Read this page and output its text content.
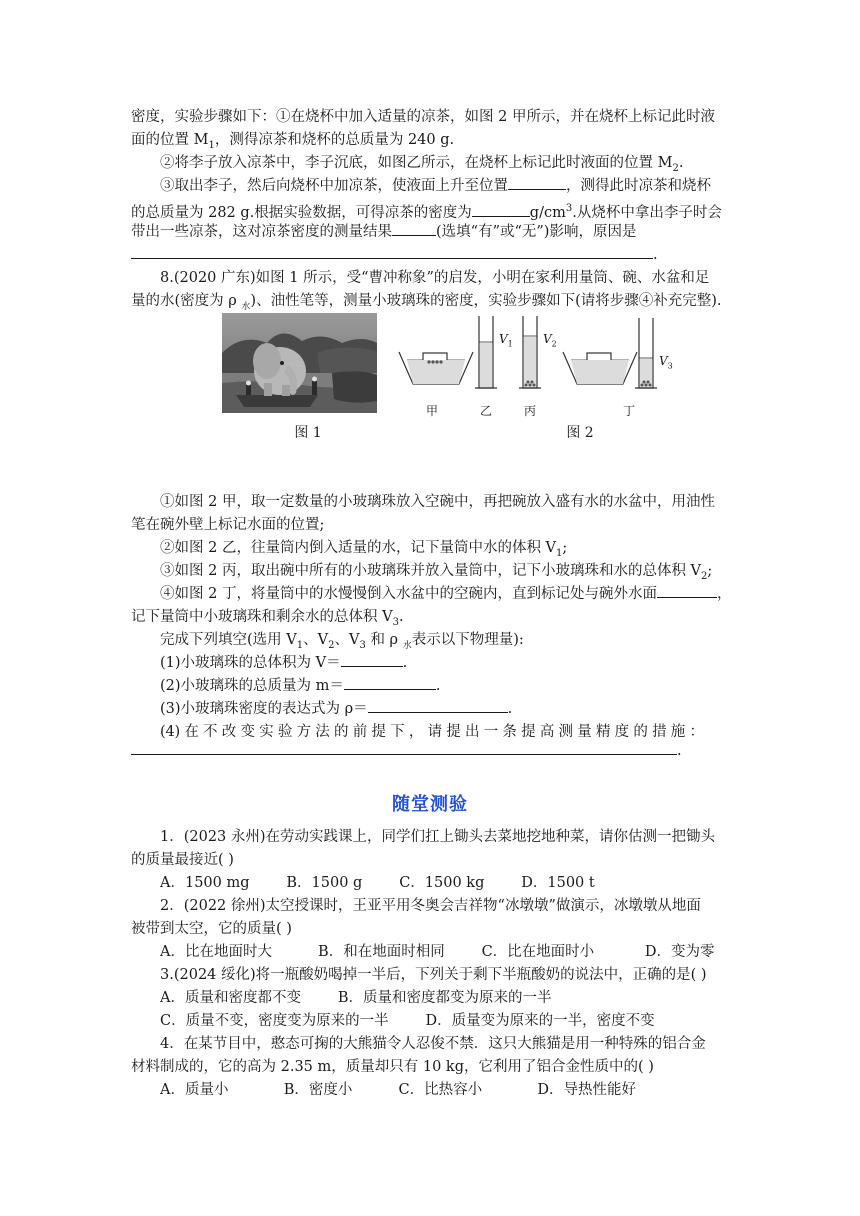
密度，实验步骤如下：①在烧杯中加入适量的凉茶，如图 2 甲所示，并在烧杯上标记此时液
面的位置 $M_1$，测得凉茶和烧杯的总质量为 240 g.
②将李子放入凉茶中，李子沉底，如图乙所示，在烧杯上标记此时液面的位置 $M_2$.
③取出李子，然后向烧杯中加凉茶，使液面上升至位置	，测得此时凉茶和烧杯
的总质量为 282 g.根据实验数据，可得凉茶的密度为	$g/cm^3$.从烧杯中拿出李子时会
带出一些凉茶，这对凉茶密度的测量结果	(选填“有”或“无”)影响，原因是
.
8.(2020 广东)如图 1 所示，受“曹冲称象”的启发，小明在家利用量筒、碗、水盆和足
量的水(密度为 ρ $_水$)、油性笔等，测量小玻璃珠的密度，实验步骤如下(请将步骤④补充完整).
$V_1$	$V_2$
$V_3$
甲	乙	丙	丁
图 1	图 2
①如图 2 甲，取一定数量的小玻璃珠放入空碗中，再把碗放入盛有水的水盆中，用油性
笔在碗外壁上标记水面的位置;
②如图 2 乙，往量筒内倒入适量的水，记下量筒中水的体积 $V_1$;
③如图 2 丙，取出碗中所有的小玻璃珠并放入量筒中，记下小玻璃珠和水的总体积 $V_2$;
④如图 2 丁，将量筒中的水慢慢倒入水盆中的空碗内，直到标记处与碗外水面	，
记下量筒中小玻璃珠和剩余水的总体积 $V_3$.
完成下列填空(选用 $V_1$、$V_2$、$V_3$ 和 ρ $_水$表示以下物理量):
(1)小玻璃珠的总体积为 V＝	.
(2)小玻璃珠的总质量为 m＝	.
(3)小玻璃珠密度的表达式为 ρ＝	.
(4) 在 不 改 变 实 验 方 法 的 前 提 下 ， 请 提 出 一 条 提 高 测 量 精 度 的 措 施 ：
.
随堂测验
1．(2023 永州)在劳动实践课上，同学们扛上锄头去菜地挖地种菜，请你估测一把锄头
的质量最接近( )
A．1500 mg        B．1500 g        C．1500 kg        D．1500 t
2．(2022 徐州)太空授课时，王亚平用冬奥会吉祥物“冰墩墩”做演示，冰墩墩从地面
被带到太空，它的质量( )
A．比在地面时大          B．和在地面时相同        C．比在地面时小           D．变为零
3.(2024 绥化)将一瓶酸奶喝掉一半后，下列关于剩下半瓶酸奶的说法中，正确的是( )
A．质量和密度都不变        B．质量和密度都变为原来的一半
C．质量不变，密度变为原来的一半        D．质量变为原来的一半，密度不变
4．在某节目中，憨态可掬的大熊猫令人忍俊不禁．这只大熊猫是用一种特殊的铝合金
材料制成的，它的高为 2.35 m，质量却只有 10 kg，它利用了铝合金性质中的( )
A．质量小            B．密度小          C．比热容小            D．导热性能好
